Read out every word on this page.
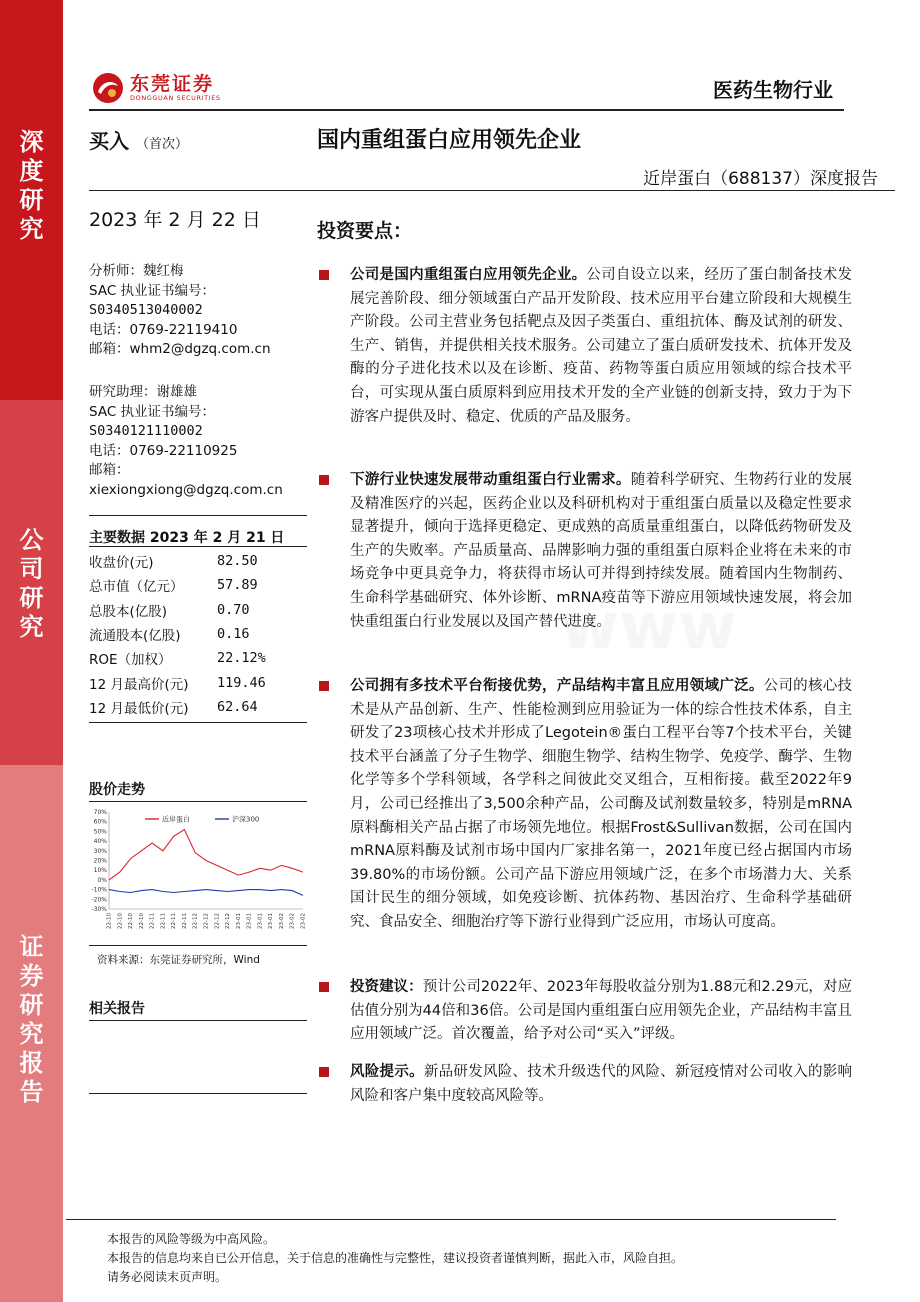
深
度
研
究
公
司
研
究
证
券
研
究
报
告
东莞证券
DONGGUAN SECURITIES	医药生物行业
买入 （首次）	国内重组蛋白应用领先企业
近岸蛋白（688137）深度报告
2023 年 2 月 22 日
分析师：魏红梅
SAC 执业证书编号：
S0340513040002
电话：0769-22119410
邮箱：whm2@dgzq.com.cn
研究助理：谢雄雄
SAC 执业证书编号：
S0340121110002
电话：0769-22110925
邮箱：
xiexiongxiong@dgzq.com.cn
主要数据 2023 年 2 月 21 日
收盘价(元)	82.50
总市值（亿元）	57.89
总股本(亿股)	0.70
流通股本(亿股)	0.16
ROE（加权）	22.12%
12 月最高价(元)	119.46
12 月最低价(元)	62.64
股价走势
70%
60%
50%
40%
30%
20%
10%
0%
-10%
-20%
-30%
22-10 22-10 22-10 22-10 22-11 22-11 22-11 22-11 22-12 22-12 22-12 22-12 23-01 23-01 23-01 23-01 23-02 23-02 23-02
近岸蛋白	沪深300
资料来源：东莞证券研究所，Wind
相关报告
投资要点：
公司是国内重组蛋白应用领先企业。公司自设立以来，经历了蛋白制备技术发展完善阶段、细分领域蛋白产品开发阶段、技术应用平台建立阶段和大规模生产阶段。公司主营业务包括靶点及因子类蛋白、重组抗体、酶及试剂的研发、生产、销售，并提供相关技术服务。公司建立了蛋白质研发技术、抗体开发及酶的分子进化技术以及在诊断、疫苗、药物等蛋白质应用领域的综合技术平台，可实现从蛋白质原料到应用技术开发的全产业链的创新支持，致力于为下游客户提供及时、稳定、优质的产品及服务。
下游行业快速发展带动重组蛋白行业需求。随着科学研究、生物药行业的发展及精准医疗的兴起，医药企业以及科研机构对于重组蛋白质量以及稳定性要求显著提升，倾向于选择更稳定、更成熟的高质量重组蛋白，以降低药物研发及生产的失败率。产品质量高、品牌影响力强的重组蛋白原料企业将在未来的市场竞争中更具竞争力，将获得市场认可并得到持续发展。随着国内生物制药、生命科学基础研究、体外诊断、mRNA疫苗等下游应用领域快速发展，将会加快重组蛋白行业发展以及国产替代进度。
公司拥有多技术平台衔接优势，产品结构丰富且应用领域广泛。公司的核心技术是从产品创新、生产、性能检测到应用验证为一体的综合性技术体系，自主研发了23项核心技术并形成了Legotein®蛋白工程平台等7个技术平台，关键技术平台涵盖了分子生物学、细胞生物学、结构生物学、免疫学、酶学、生物化学等多个学科领域，各学科之间彼此交叉组合，互相衔接。截至2022年9月，公司已经推出了3,500余种产品，公司酶及试剂数量较多，特别是mRNA原料酶相关产品占据了市场领先地位。根据Frost&Sullivan数据，公司在国内mRNA原料酶及试剂市场中国内厂家排名第一，2021年度已经占据国内市场39.80%的市场份额。公司产品下游应用领域广泛，在多个市场潜力大、关系国计民生的细分领域，如免疫诊断、抗体药物、基因治疗、生命科学基础研究、食品安全、细胞治疗等下游行业得到广泛应用，市场认可度高。
投资建议：预计公司2022年、2023年每股收益分别为1.88元和2.29元，对应估值分别为44倍和36倍。公司是国内重组蛋白应用领先企业，产品结构丰富且应用领域广泛。首次覆盖，给予对公司“买入”评级。
风险提示。新品研发风险、技术升级迭代的风险、新冠疫情对公司收入的影响风险和客户集中度较高风险等。
本报告的风险等级为中高风险。
本报告的信息均来自已公开信息，关于信息的准确性与完整性，建议投资者谨慎判断，据此入市，风险自担。
请务必阅读末页声明。
